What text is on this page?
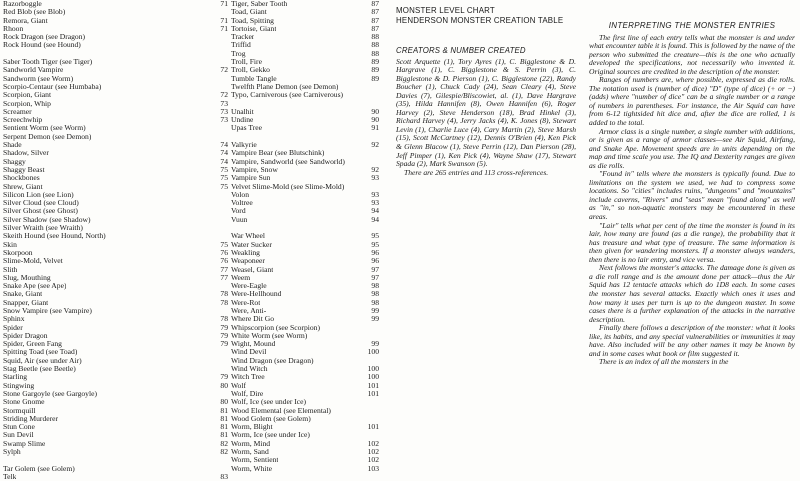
Razorboggle	71
Red Blob (see Blob)
Remora, Giant	71
Rhoon	71
Rock Dragon (see Dragon)
Rock Hound (see Hound)
Saber Tooth Tiger (see Tiger)
Sandworld Vampire	72
Sandworm (see Worm)
Scorpio-Centaur (see Humbaba)
Scorpion, Giant	72
Scorpion, Whip	73
Screamer	73
Screechwhip	73
Sentient Worm (see Worm)
Serpent Demon (see Demon)
Shade	74
Shadow, Silver	74
Shaggy	74
Shaggy Beast	75
Shockbones	75
Shrew, Giant	75
Silicon Lion (see Lion)
Silver Cloud (see Cloud)
Silver Ghost (see Ghost)
Silver Shadow (see Shadow)
Silver Wraith (see Wraith)
Skeith Hound (see Hound, North)
Skin	75
Skorpoon	76
Slime-Mold, Velvet	76
Slith	77
Slug, Mouthing	77
Snake Ape (see Ape)
Snake, Giant	78
Snapper, Giant	78
Snow Vampire (see Vampire)
Sphinx	78
Spider	79
Spider Dragon	79
Spider, Green Fang	79
Spitting Toad (see Toad)
Squid, Air (see under Air)
Stag Beetle (see Beetle)
Starling	79
Stingwing	80
Stone Gargoyle (see Gargoyle)
Stone Gnome	80
Stormquill	81
Striding Murderer	81
Stun Cone	81
Sun Devil	81
Swamp Slime	82
Sylph	82
Tar Golem (see Golem)
Telk	83
Tiger, Saber Tooth	87
Toad, Giant	87
Toad, Spitting	87
Tortoise, Giant	87
Tracker	88
Triffid	88
Trog	88
Troll, Fire	89
Troll, Gekko	89
Tumble Tangle	89
Twelfth Plane Demon (see Demon)
Typo, Carniverous (see Carniverous)
Unalhit	90
Undine	90
Upas Tree	91
Valkyrie	92
Vampire Bear (see Blutschink)
Vampire, Sandworld (see Sandworld)
Vampire, Snow	92
Vampire Sun	93
Velvet Slime-Mold (see Slime-Mold)
Volon	93
Voltree	93
Vord	94
Vuun	94
War Wheel	95
Water Sucker	95
Weakling	96
Weaponeer	96
Weasel, Giant	97
Weem	97
Were-Eagle	98
Were-Hellhound	98
Were-Rot	98
Were, Anti-	99
Where Dit Go	99
Whipscorpion (see Scorpion)
White Worm (see Worm)
Wight, Mound	99
Wind Devil	100
Wind Dragon (see Dragon)
Wind Witch	100
Witch Tree	100
Wolf	101
Wolf, Dire	101
Wolf, Ice (see under Ice)
Wood Elemental (see Elemental)
Wood Golem (see Golem)
Worm, Blight	101
Worm, Ice (see under Ice)
Worm, Mind	102
Worm, Sand	102
Worm, Sentient	102
Worm, White	103
MONSTER LEVEL CHART
HENDERSON MONSTER CREATION TABLE
CREATORS & NUMBER CREATED
Scott Arquette (1), Tory Ayres (1), C. Bigglestone & D. Hargrave (1), C. Bigglestone & S. Perrin (3), C. Bigglestone & D. Pierson (1), C. Bigglestone (22), Randy Boucher (1), Chuck Cady (24), Sean Cleary (4), Steve Davies (7), Gilespie/Bliscowiet, al. (1), Dave Hargrave (35), Hilda Hannifen (8), Owen Hannifen (6), Roger Harvey (2), Steve Henderson (18), Brad Hinkel (3), Richard Harvey (4), Jerry Jacks (4), K. Jones (8), Stewart Levin (1), Charlie Luce (4), Cary Martin (2), Steve Marsh (15), Scott McCartney (12), Dennis O'Brien (4), Ken Pick & Glenn Blacow (1), Steve Perrin (12), Dan Pierson (28), Jeff Pimper (1), Ken Pick (4), Wayne Shaw (17), Stewart Spada (2), Mark Swanson (5).
There are 265 entries and 113 cross-references.
INTERPRETING THE MONSTER ENTRIES

The first line of each entry tells what the monster is and under what encounter table it is found. This is followed by the name of the person who submitted the creature—this is the one who actually developed the specifications, not necessarily who invented it. Original sources are credited in the description of the monster.

Ranges of numbers are, where possible, expressed as die rolls. The notation used is (number of dice) "D" (type of dice) (+ or −) (adds) where "number of dice" can be a single number or a range of numbers in parentheses. For instance, the Air Squid can have from 6-12 tightsided hit dice and, after the dice are rolled, 1 is added to the total.

Armor class is a single number, a single number with additions, or is given as a range of armor classes—see Air Squid, Airfang, and Snake Ape. Movement speeds are in units depending on the map and time scale you use. The IQ and Dexterity ranges are given as die rolls.

"Found in" tells where the monsters is typically found. Due to limitations on the system we used, we had to compress some locations. So "cities" includes ruins, "dungeons" and "mountains" include caverns, "Rivers" and "seas" mean "found along" as well as "in," so non-aquatic monsters may be encountered in these areas.

"Lair" tells what per cent of the time the monster is found in its lair, how many are found (as a die range), the probability that it has treasure and what type of treasure. The same information is then given for wandering monsters. If a monster always wanders, then there is no lair entry, and vice versa.

Next follows the monster's attacks. The damage done is given as a die roll range and is the amount done per attack—thus the Air Squid has 12 tentacle attacks which do 1D8 each. In some cases the monster has several attacks. Exactly which ones it uses and how many it uses per turn is up to the dungeon master. In some cases there is a further explanation of the attacks in the narrative description.

Finally there follows a description of the monster: what it looks like, its habits, and any special vulnerabilities or immunities it may have. Also included will be any other names it may be known by and in some cases what book or film suggested it.

There is an index of all the monsters in the
